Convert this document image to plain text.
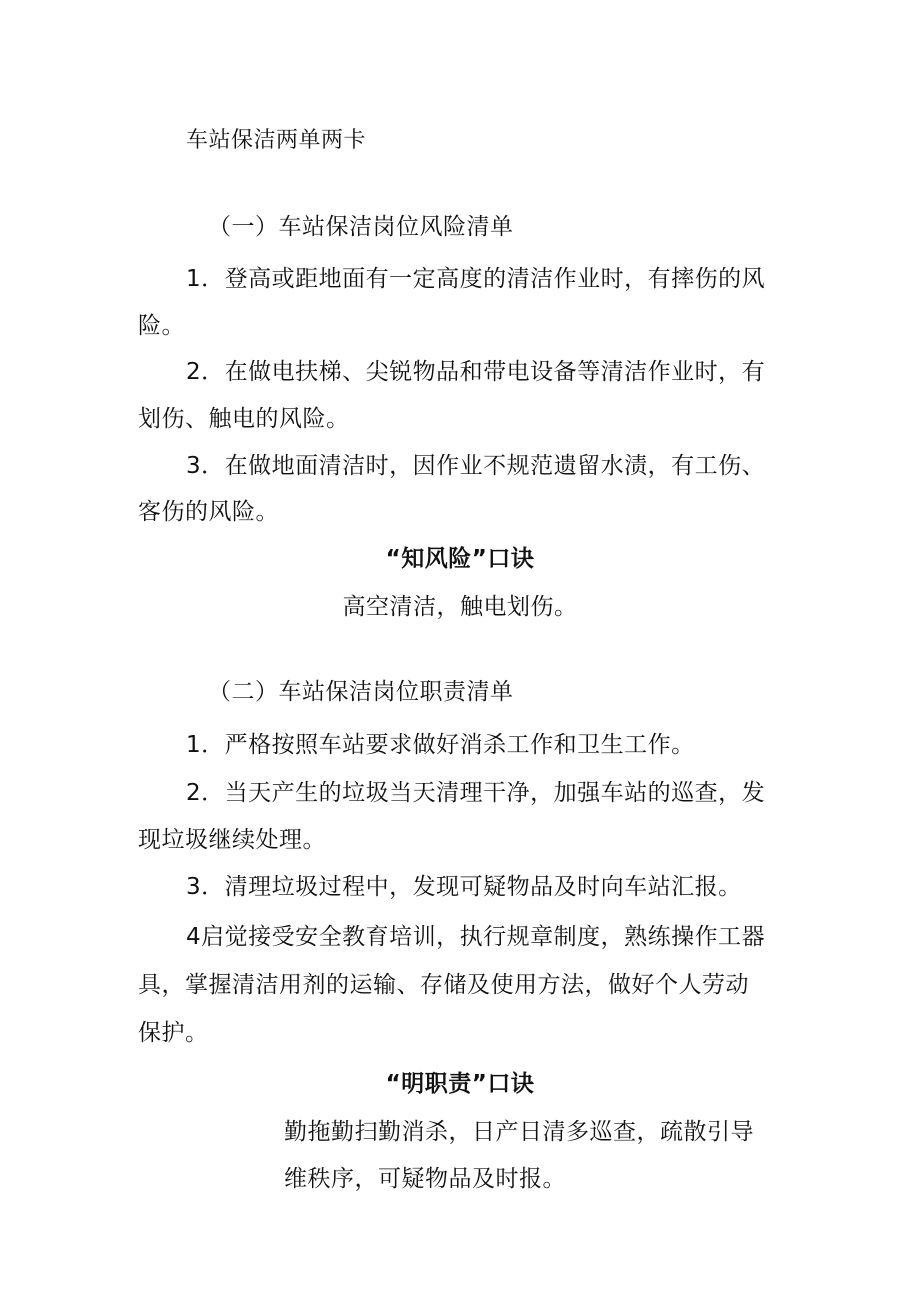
车站保洁两单两卡
（一）车站保洁岗位风险清单
1．登高或距地面有一定高度的清洁作业时，有摔伤的风
险。
2．在做电扶梯、尖锐物品和带电设备等清洁作业时，有
划伤、触电的风险。
3．在做地面清洁时，因作业不规范遗留水渍，有工伤、
客伤的风险。
“知风险”口诀
高空清洁，触电划伤。
（二）车站保洁岗位职责清单
1．严格按照车站要求做好消杀工作和卫生工作。
2．当天产生的垃圾当天清理干净，加强车站的巡查，发
现垃圾继续处理。
3．清理垃圾过程中，发现可疑物品及时向车站汇报。
4启觉接受安全教育培训，执行规章制度，熟练操作工器
具，掌握清洁用剂的运输、存储及使用方法，做好个人劳动
保护。
“明职责”口诀
勤拖勤扫勤消杀，日产日清多巡查，疏散引导
维秩序，可疑物品及时报。
